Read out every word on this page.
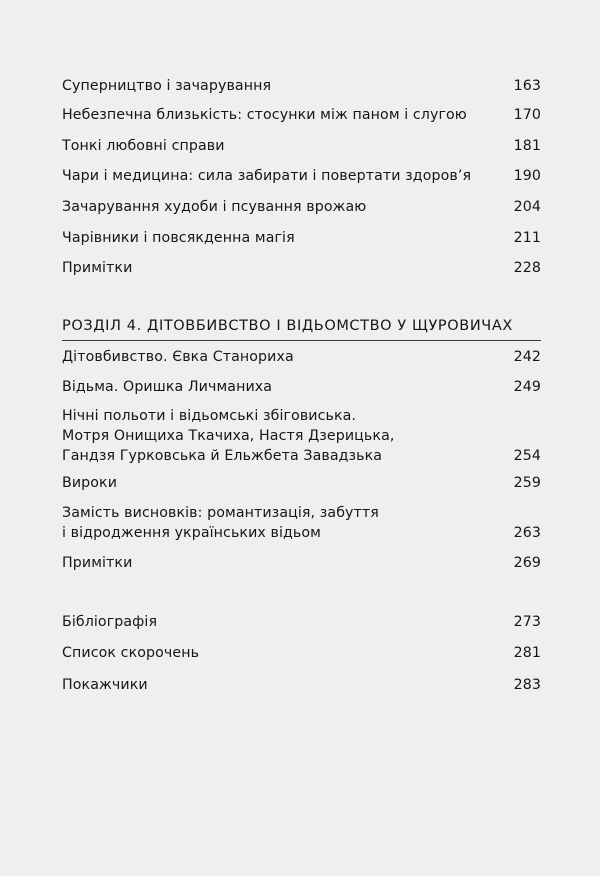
Суперництво і зачарування	163
Небезпечна близькість: стосунки між паном і слугою	170
Тонкі любовні справи	181
Чари і медицина: сила забирати і повертати здоров’я	190
Зачарування худоби і псування врожаю	204
Чарівники і повсякденна магія	211
Примітки	228
РОЗДІЛ 4. ДІТОВБИВСТВО І ВІДЬОМСТВО У ЩУРОВИЧАХ
Дітовбивство. Євка Станориха	242
Відьма. Оришка Личманиха	249
Нічні польоти і відьомські збіговиська.
Мотря Онищиха Ткачиха, Настя Дзерицька,
Гандзя Гурковська й Ельжбета Завадзька	254
Вироки	259
Замість висновків: романтизація, забуття
і відродження українських відьом	263
Примітки	269
Бібліографія	273
Список скорочень	281
Покажчики	283
